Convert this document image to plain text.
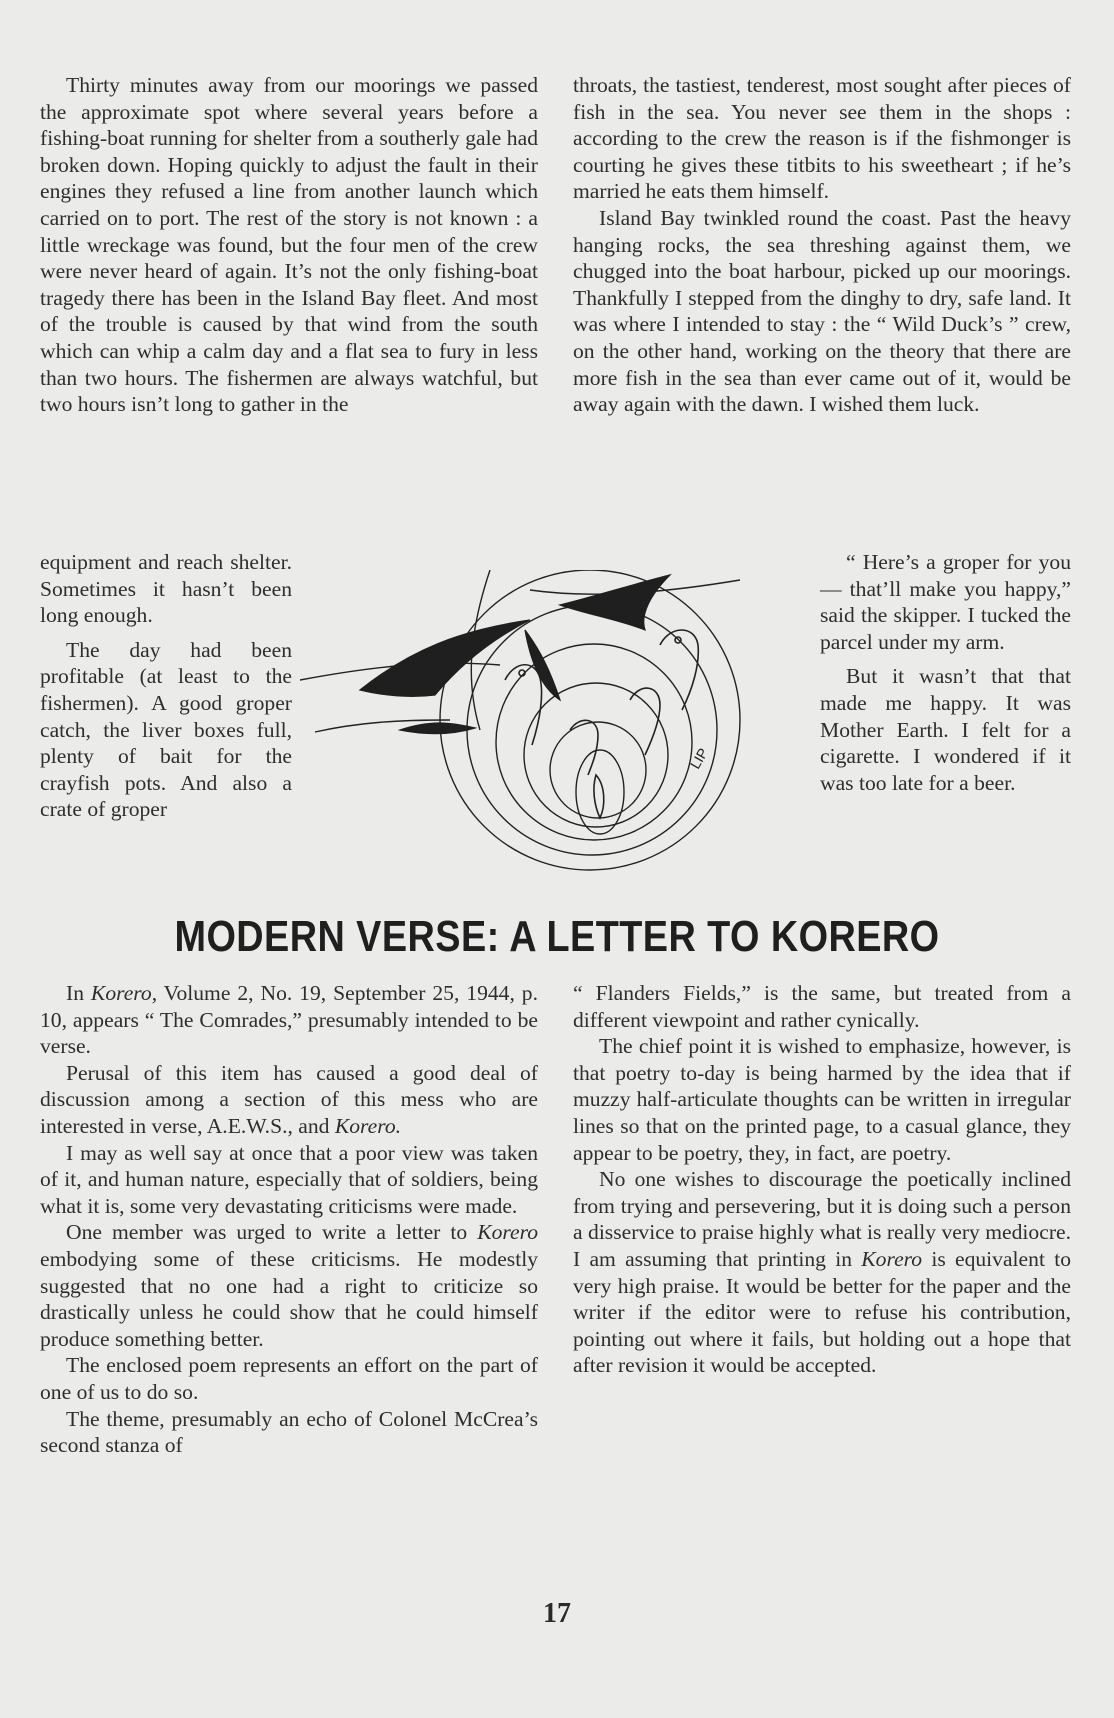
Thirty minutes away from our moorings we passed the approximate spot where several years before a fishing-boat running for shelter from a southerly gale had broken down. Hoping quickly to adjust the fault in their engines they refused a line from another launch which carried on to port. The rest of the story is not known : a little wreckage was found, but the four men of the crew were never heard of again. It’s not the only fishing-boat tragedy there has been in the Island Bay fleet. And most of the trouble is caused by that wind from the south which can whip a calm day and a flat sea to fury in less than two hours. The fishermen are always watchful, but two hours isn’t long to gather in the

equipment and reach shelter. Sometimes it hasn’t been long enough.

The day had been profitable (at least to the fishermen). A good groper catch, the liver boxes full, plenty of bait for the crayfish pots. And also a crate of groper

throats, the tastiest, tenderest, most sought after pieces of fish in the sea. You never see them in the shops : according to the crew the reason is if the fishmonger is courting he gives these titbits to his sweetheart ; if he’s married he eats them himself.

Island Bay twinkled round the coast. Past the heavy hanging rocks, the sea threshing against them, we chugged into the boat harbour, picked up our moorings. Thankfully I stepped from the dinghy to dry, safe land. It was where I intended to stay : the “ Wild Duck’s ” crew, on the other hand, working on the theory that there are more fish in the sea than ever came out of it, would be away again with the dawn. I wished them luck.

“ Here’s a groper for you — that’ll make you happy,” said the skipper. I tucked the parcel under my arm.

But it wasn’t that that made me happy. It was Mother Earth. I felt for a cigarette. I wondered if it was too late for a beer.

LIP
MODERN VERSE: A LETTER TO KORERO

In Korero, Volume 2, No. 19, September 25, 1944, p. 10, appears “ The Comrades,” presumably intended to be verse.

Perusal of this item has caused a good deal of discussion among a section of this mess who are interested in verse, A.E.W.S., and Korero.

I may as well say at once that a poor view was taken of it, and human nature, especially that of soldiers, being what it is, some very devastating criticisms were made.

One member was urged to write a letter to Korero embodying some of these criticisms. He modestly suggested that no one had a right to criticize so drastically unless he could show that he could himself produce something better.

The enclosed poem represents an effort on the part of one of us to do so.

The theme, presumably an echo of Colonel McCrea’s second stanza of

“ Flanders Fields,” is the same, but treated from a different viewpoint and rather cynically.

The chief point it is wished to emphasize, however, is that poetry to-day is being harmed by the idea that if muzzy half-articulate thoughts can be written in irregular lines so that on the printed page, to a casual glance, they appear to be poetry, they, in fact, are poetry.

No one wishes to discourage the poetically inclined from trying and persevering, but it is doing such a person a disservice to praise highly what is really very mediocre. I am assuming that printing in Korero is equivalent to very high praise. It would be better for the paper and the writer if the editor were to refuse his contribution, pointing out where it fails, but holding out a hope that after revision it would be accepted.

17
